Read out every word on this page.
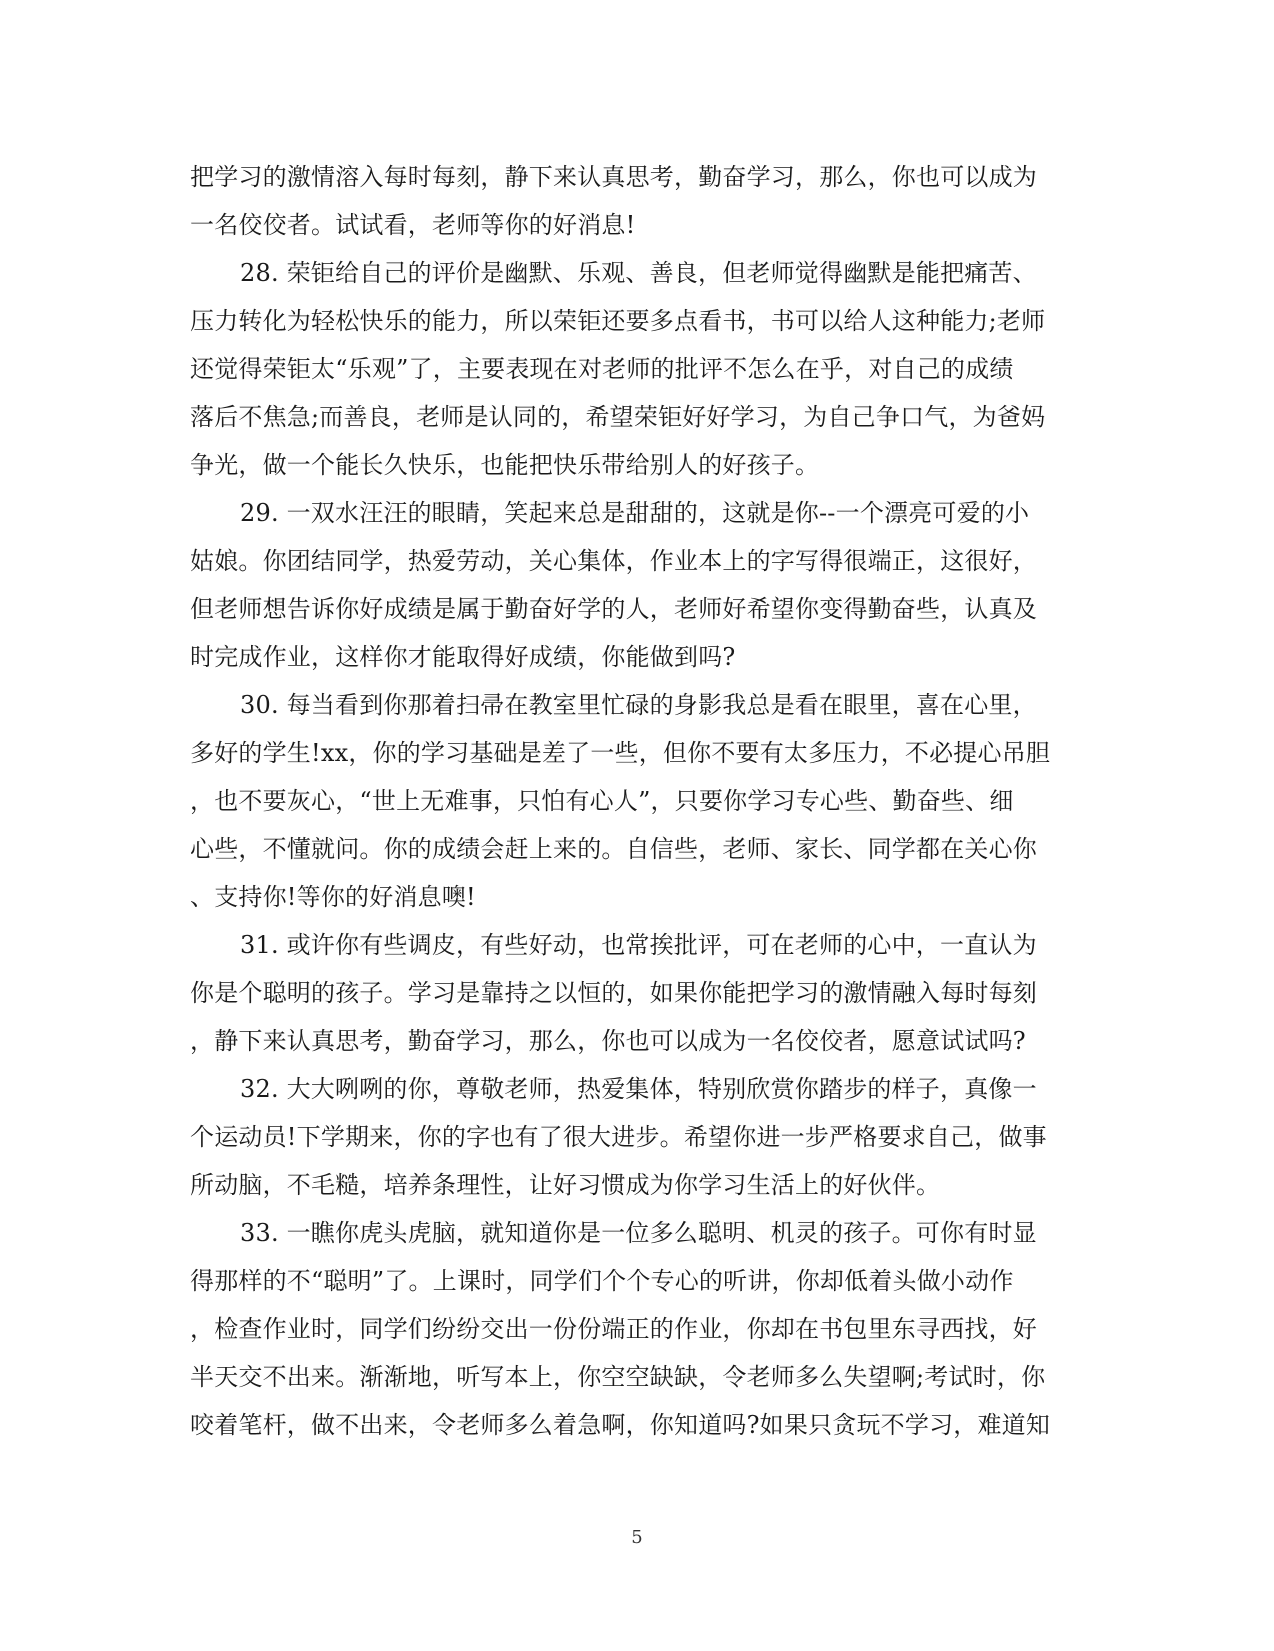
把学习的激情溶入每时每刻，静下来认真思考，勤奋学习，那么，你也可以成为
一名佼佼者。试试看，老师等你的好消息!
28. 荣钜给自己的评价是幽默、乐观、善良，但老师觉得幽默是能把痛苦、
压力转化为轻松快乐的能力，所以荣钜还要多点看书，书可以给人这种能力;老师
还觉得荣钜太“乐观”了，主要表现在对老师的批评不怎么在乎，对自己的成绩
落后不焦急;而善良，老师是认同的，希望荣钜好好学习，为自己争口气，为爸妈
争光，做一个能长久快乐，也能把快乐带给别人的好孩子。
29. 一双水汪汪的眼睛，笑起来总是甜甜的，这就是你--一个漂亮可爱的小
姑娘。你团结同学，热爱劳动，关心集体，作业本上的字写得很端正，这很好，
但老师想告诉你好成绩是属于勤奋好学的人，老师好希望你变得勤奋些，认真及
时完成作业，这样你才能取得好成绩，你能做到吗?
30. 每当看到你那着扫帚在教室里忙碌的身影我总是看在眼里，喜在心里，
多好的学生!xx，你的学习基础是差了一些，但你不要有太多压力，不必提心吊胆
，也不要灰心，“世上无难事，只怕有心人”，只要你学习专心些、勤奋些、细
心些，不懂就问。你的成绩会赶上来的。自信些，老师、家长、同学都在关心你
、支持你!等你的好消息噢!
31. 或许你有些调皮，有些好动，也常挨批评，可在老师的心中，一直认为
你是个聪明的孩子。学习是靠持之以恒的，如果你能把学习的激情融入每时每刻
，静下来认真思考，勤奋学习，那么，你也可以成为一名佼佼者，愿意试试吗?
32. 大大咧咧的你，尊敬老师，热爱集体，特别欣赏你踏步的样子，真像一
个运动员!下学期来，你的字也有了很大进步。希望你进一步严格要求自己，做事
所动脑，不毛糙，培养条理性，让好习惯成为你学习生活上的好伙伴。
33. 一瞧你虎头虎脑，就知道你是一位多么聪明、机灵的孩子。可你有时显
得那样的不“聪明”了。上课时，同学们个个专心的听讲，你却低着头做小动作
，检查作业时，同学们纷纷交出一份份端正的作业，你却在书包里东寻西找，好
半天交不出来。渐渐地，听写本上，你空空缺缺，令老师多么失望啊;考试时，你
咬着笔杆，做不出来，令老师多么着急啊，你知道吗?如果只贪玩不学习，难道知
5
